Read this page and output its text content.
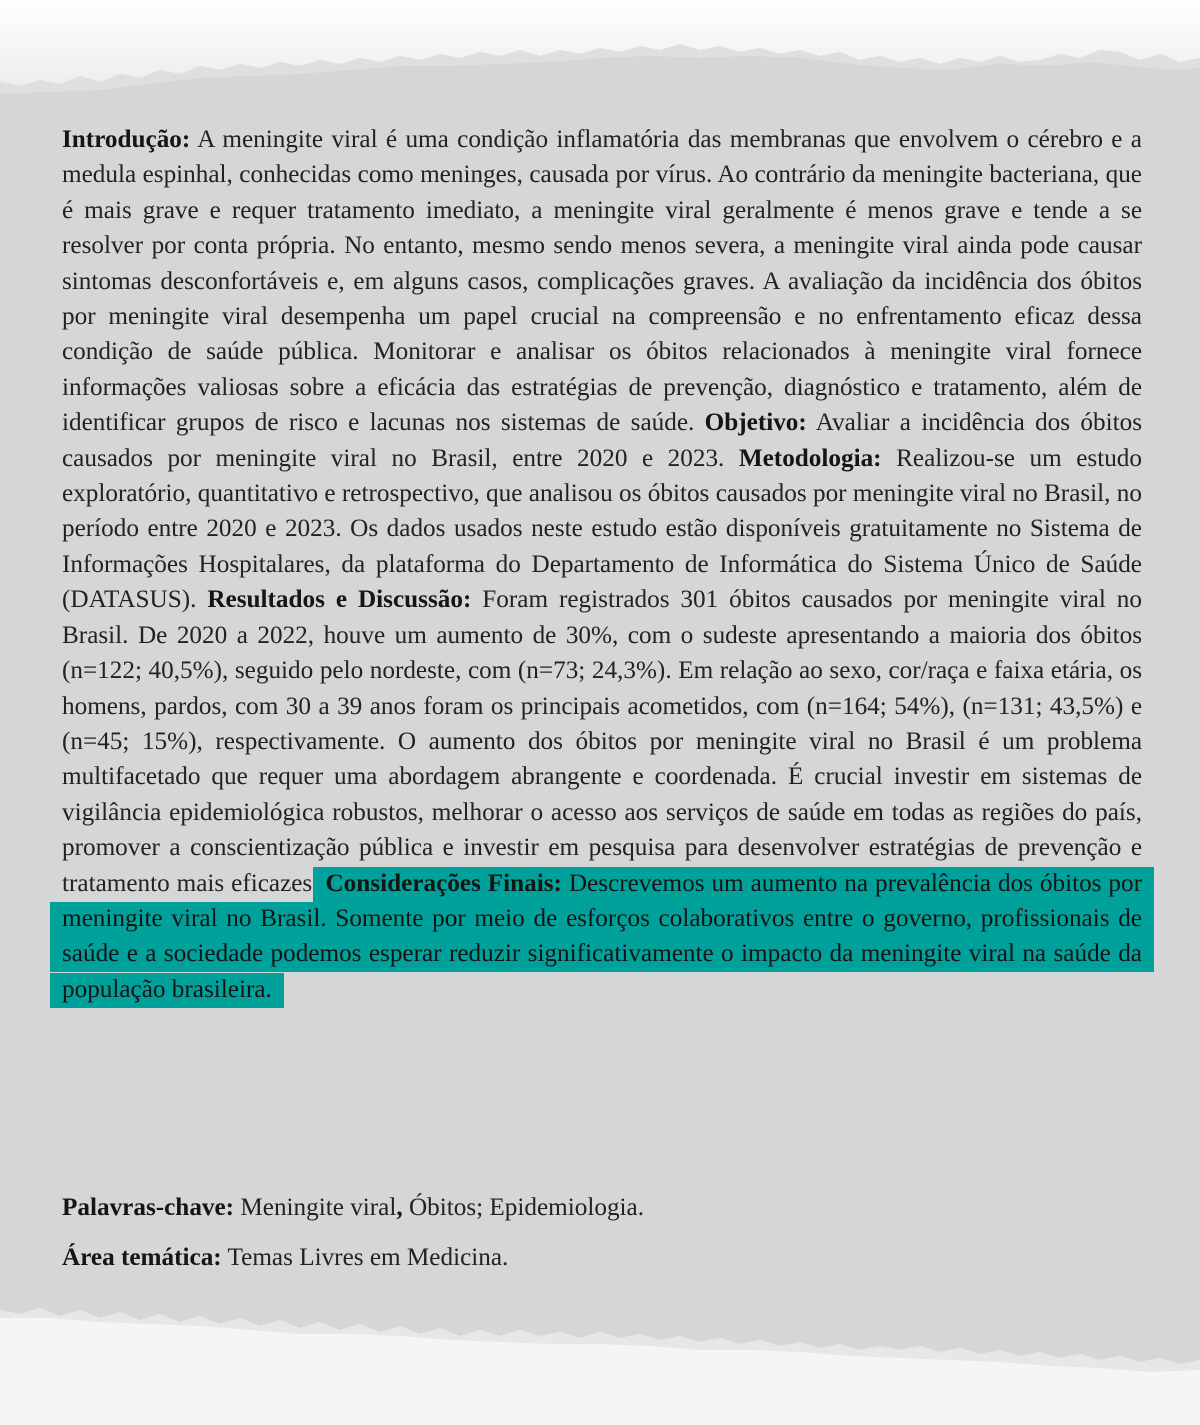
Introdução: A meningite viral é uma condição inflamatória das membranas que envolvem o cérebro e a medula espinhal, conhecidas como meninges, causada por vírus. Ao contrário da meningite bacteriana, que é mais grave e requer tratamento imediato, a meningite viral geralmente é menos grave e tende a se resolver por conta própria. No entanto, mesmo sendo menos severa, a meningite viral ainda pode causar sintomas desconfortáveis e, em alguns casos, complicações graves. A avaliação da incidência dos óbitos por meningite viral desempenha um papel crucial na compreensão e no enfrentamento eficaz dessa condição de saúde pública. Monitorar e analisar os óbitos relacionados à meningite viral fornece informações valiosas sobre a eficácia das estratégias de prevenção, diagnóstico e tratamento, além de identificar grupos de risco e lacunas nos sistemas de saúde. Objetivo: Avaliar a incidência dos óbitos causados por meningite viral no Brasil, entre 2020 e 2023. Metodologia: Realizou-se um estudo exploratório, quantitativo e retrospectivo, que analisou os óbitos causados por meningite viral no Brasil, no período entre 2020 e 2023. Os dados usados neste estudo estão disponíveis gratuitamente no Sistema de Informações Hospitalares, da plataforma do Departamento de Informática do Sistema Único de Saúde (DATASUS). Resultados e Discussão: Foram registrados 301 óbitos causados por meningite viral no Brasil. De 2020 a 2022, houve um aumento de 30%, com o sudeste apresentando a maioria dos óbitos (n=122; 40,5%), seguido pelo nordeste, com (n=73; 24,3%). Em relação ao sexo, cor/raça e faixa etária, os homens, pardos, com 30 a 39 anos foram os principais acometidos, com (n=164; 54%), (n=131; 43,5%) e (n=45; 15%), respectivamente. O aumento dos óbitos por meningite viral no Brasil é um problema multifacetado que requer uma abordagem abrangente e coordenada. É crucial investir em sistemas de vigilância epidemiológica robustos, melhorar o acesso aos serviços de saúde em todas as regiões do país, promover a conscientização pública e investir em pesquisa para desenvolver estratégias de prevenção e tratamento mais eficazes. Considerações Finais: Descrevemos um aumento na prevalência dos óbitos por meningite viral no Brasil. Somente por meio de esforços colaborativos entre o governo, profissionais de saúde e a sociedade podemos esperar reduzir significativamente o impacto da meningite viral na saúde da população brasileira.

Palavras-chave: Meningite viral, Óbitos; Epidemiologia.

Área temática: Temas Livres em Medicina.
